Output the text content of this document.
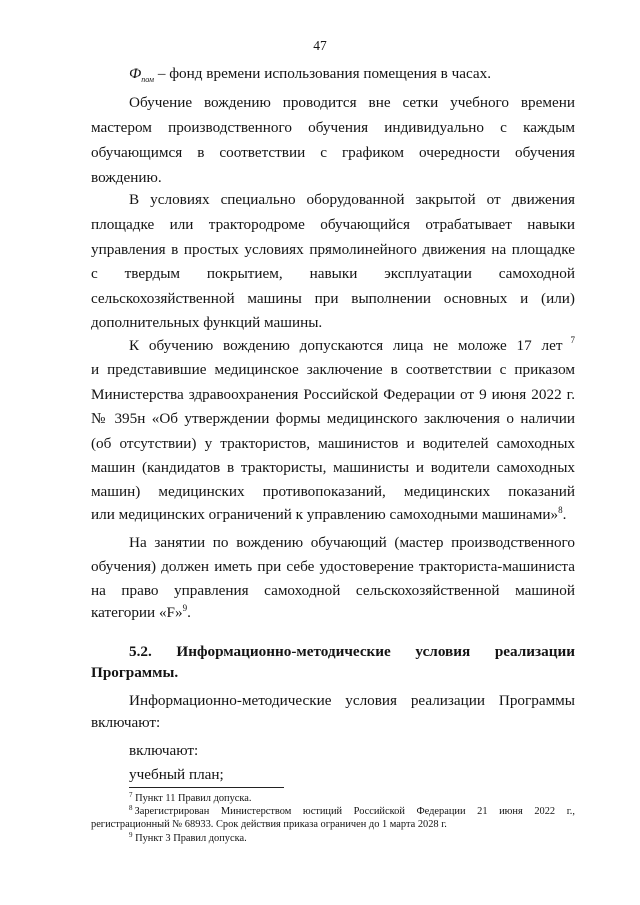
47
$Ф_{пом}$ – фонд времени использования помещения в часах.
Обучение вождению проводится вне сетки учебного времени
мастером производственного обучения индивидуально с каждым
обучающимся в соответствии с графиком очередности обучения
вождению.
В условиях специально оборудованной закрытой от движения
площадке или трактородроме обучающийся отрабатывает навыки
управления в простых условиях прямолинейного движения на площадке
с твердым покрытием, навыки эксплуатации самоходной
сельскохозяйственной машины при выполнении основных и (или)
дополнительных функций машины.
К обучению вождению допускаются лица не моложе 17 лет 7
и представившие медицинское заключение в соответствии с приказом
Министерства здравоохранения Российской Федерации от 9 июня 2022 г.
№ 395н «Об утверждении формы медицинского заключения о наличии
(об отсутствии) у трактористов, машинистов и водителей самоходных
машин (кандидатов в трактористы, машинисты и водители самоходных
машин) медицинских противопоказаний, медицинских показаний
или медицинских ограничений к управлению самоходными машинами»$^8$.
На занятии по вождению обучающий (мастер производственного
обучения) должен иметь при себе удостоверение тракториста-машиниста
на право управления самоходной сельскохозяйственной машиной
категории «F»$^9$.
5.2. Информационно-методические условия реализации
Программы.
Информационно-методические условия реализации Программы
включают:
включают:
учебный план;
$^7$ Пункт 11 Правил допуска.
$^8$ Зарегистрирован Министерством юстиций Российской Федерации 21 июня 2022 г.,
регистрационный № 68933. Срок действия приказа ограничен до 1 марта 2028 г.
$^9$ Пункт 3 Правил допуска.
